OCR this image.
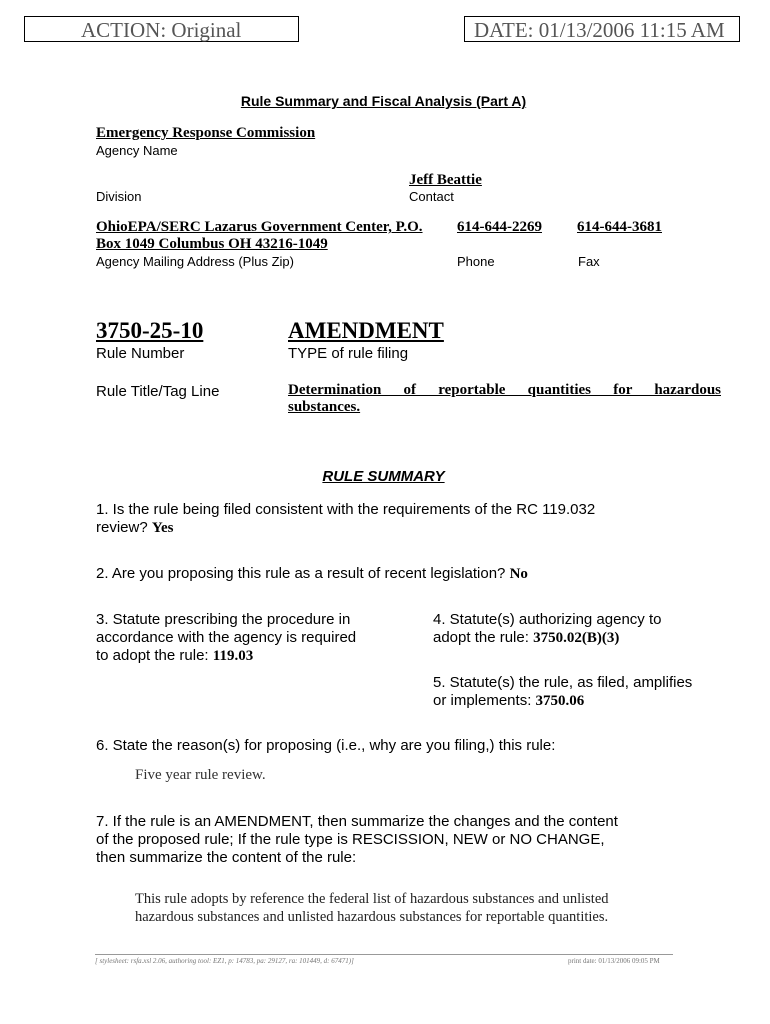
ACTION: Original	DATE: 01/13/2006 11:15 AM
Rule Summary and Fiscal Analysis (Part A)
Emergency Response Commission
Agency Name
Jeff Beattie
Division	Contact
OhioEPA/SERC Lazarus Government Center, P.O.
Box 1049 Columbus OH 43216-1049
614-644-2269 614-644-3681
Agency Mailing Address (Plus Zip)	Phone	Fax
3750-25-10	AMENDMENT
Rule Number	TYPE of rule filing
Rule Title/Tag Line	Determination of reportable quantities for hazardous
substances.
RULE SUMMARY
1. Is the rule being filed consistent with the requirements of the RC 119.032
review? Yes
2. Are you proposing this rule as a result of recent legislation? No
3. Statute prescribing the procedure in
accordance with the agency is required
to adopt the rule: 119.03
4. Statute(s) authorizing agency to
adopt the rule: 3750.02(B)(3)
5. Statute(s) the rule, as filed, amplifies
or implements: 3750.06
6. State the reason(s) for proposing (i.e., why are you filing,) this rule:
Five year rule review.
7. If the rule is an AMENDMENT, then summarize the changes and the content
of the proposed rule; If the rule type is RESCISSION, NEW or NO CHANGE,
then summarize the content of the rule:
This rule adopts by reference the federal list of hazardous substances and unlisted
hazardous substances and unlisted hazardous substances for reportable quantities.
[ stylesheet: rsfa.xsl 2.06, authoring tool: EZ1, p: 14783, pa: 29127, ra: 101449, d: 67471)]	print date: 01/13/2006 09:05 PM
